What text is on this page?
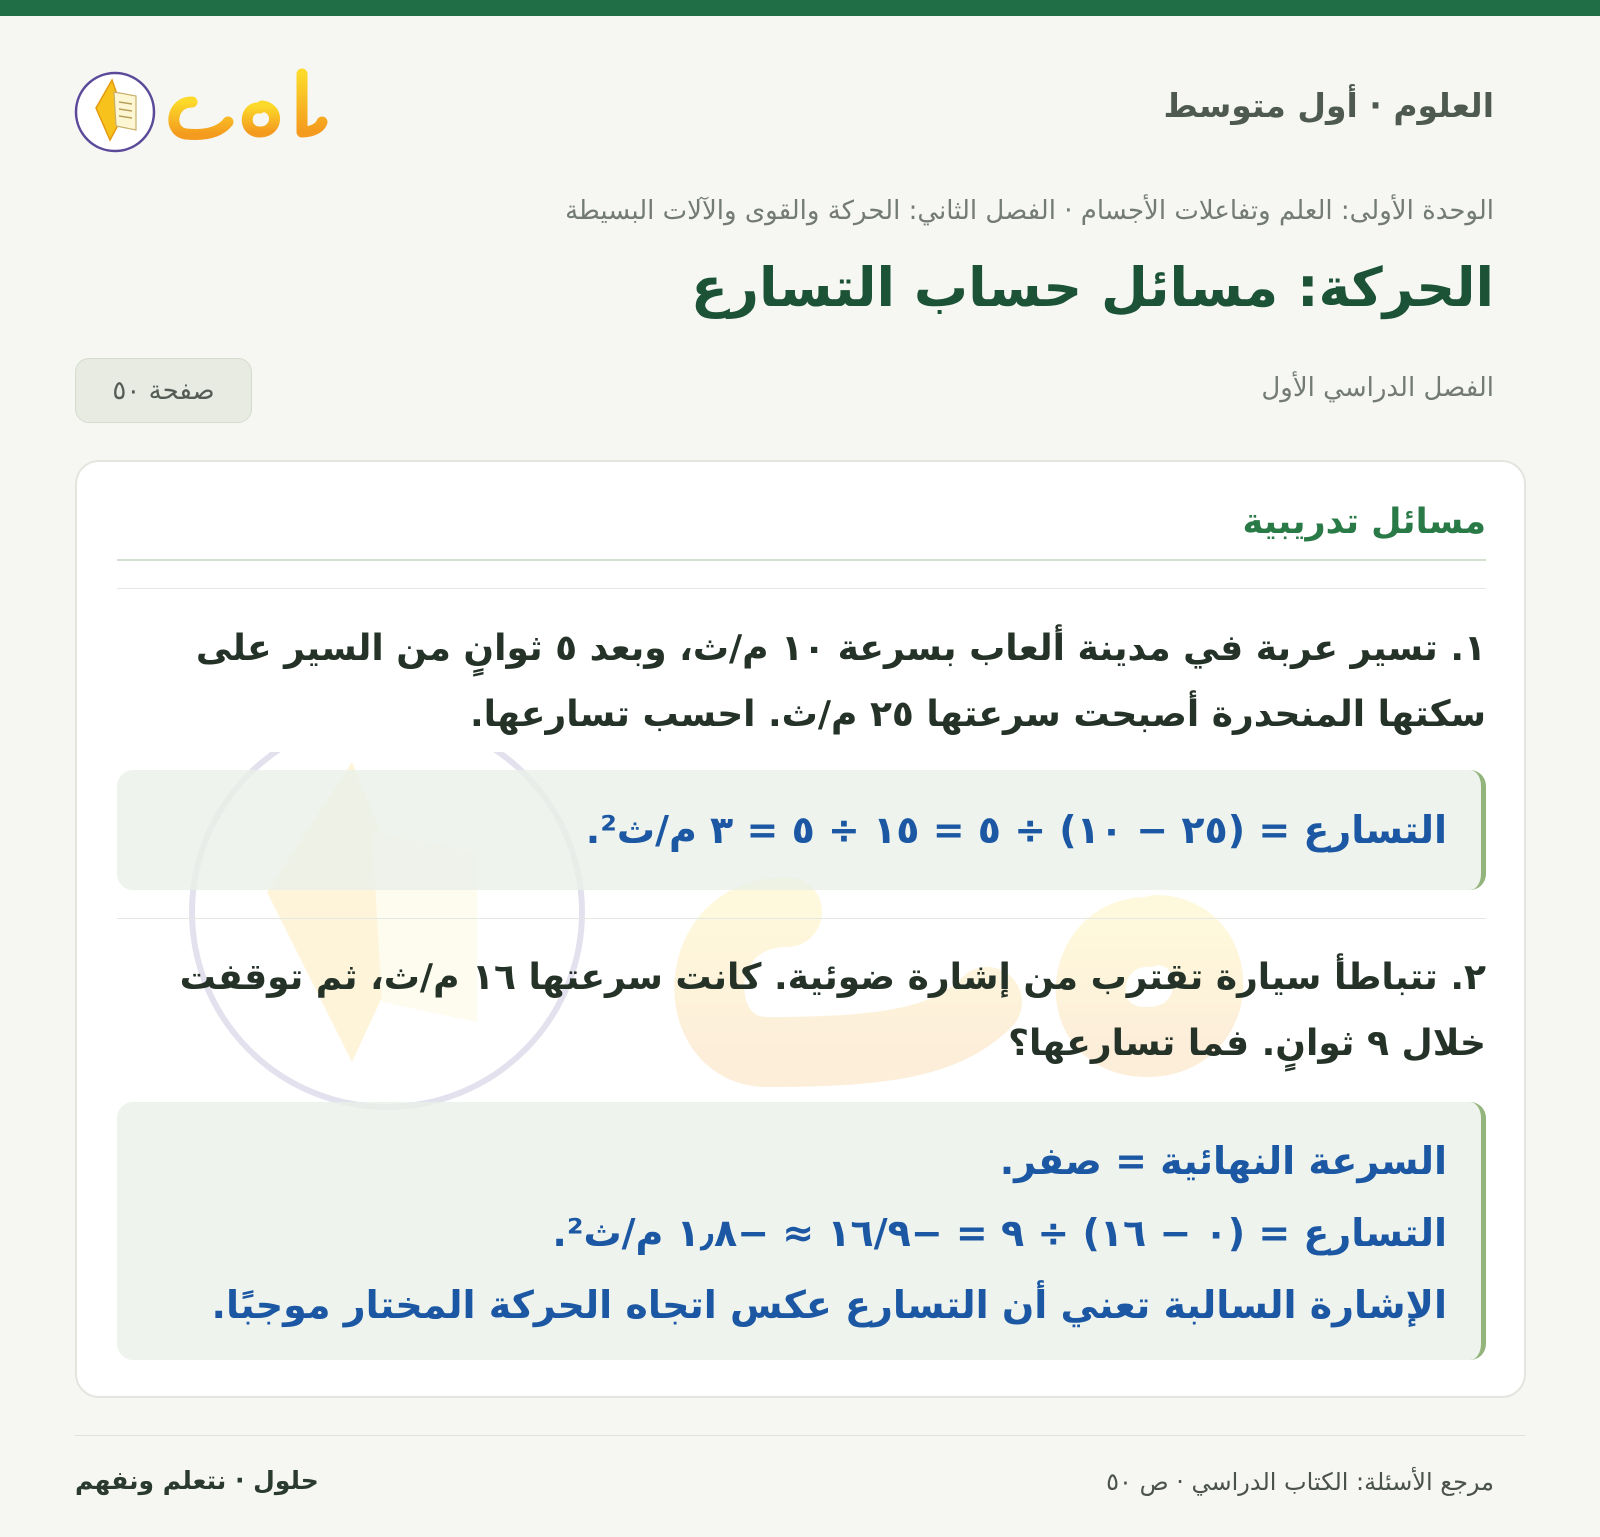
العلوم · أول متوسط
الوحدة الأولى: العلم وتفاعلات الأجسام · الفصل الثاني: الحركة والقوى والآلات البسيطة
الحركة: مسائل حساب التسارع
الفصل الدراسي الأول
صفحة ٥٠
مسائل تدريبية

١. تسير عربة في مدينة ألعاب بسرعة ١٠ م/ث، وبعد ٥ ثوانٍ من السير على سكتها المنحدرة أصبحت سرعتها ٢٥ م/ث. احسب تسارعها.

التسارع = (٢٥ − ١٠) ÷ ٥ = ١٥ ÷ ٥ = ٣ م/ث².

٢. تتباطأ سيارة تقترب من إشارة ضوئية. كانت سرعتها ١٦ م/ث، ثم توقفت خلال ٩ ثوانٍ. فما تسارعها؟

السرعة النهائية = صفر.
التسارع = (٠ − ١٦) ÷ ٩ = −١٦/٩ ≈ −١٫٨ م/ث².
الإشارة السالبة تعني أن التسارع عكس اتجاه الحركة المختار موجبًا.
مرجع الأسئلة: الكتاب الدراسي · ص ٥٠
حلول · نتعلم ونفهم
